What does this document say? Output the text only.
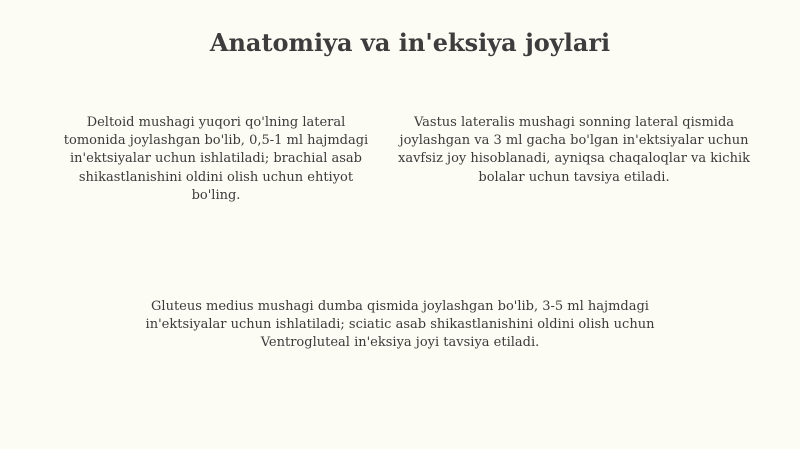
Anatomiya va in'eksiya joylari

Deltoid mushagi yuqori qo'lning lateral tomonida joylashgan bo'lib, 0,5-1 ml hajmdagi in'ektsiyalar uchun ishlatiladi; brachial asab shikastlanishini oldini olish uchun ehtiyot bo'ling.

Vastus lateralis mushagi sonning lateral qismida joylashgan va 3 ml gacha bo'lgan in'ektsiyalar uchun xavfsiz joy hisoblanadi, ayniqsa chaqaloqlar va kichik bolalar uchun tavsiya etiladi.

Gluteus medius mushagi dumba qismida joylashgan bo'lib, 3-5 ml hajmdagi in'ektsiyalar uchun ishlatiladi; sciatic asab shikastlanishini oldini olish uchun Ventrogluteal in'eksiya joyi tavsiya etiladi.
